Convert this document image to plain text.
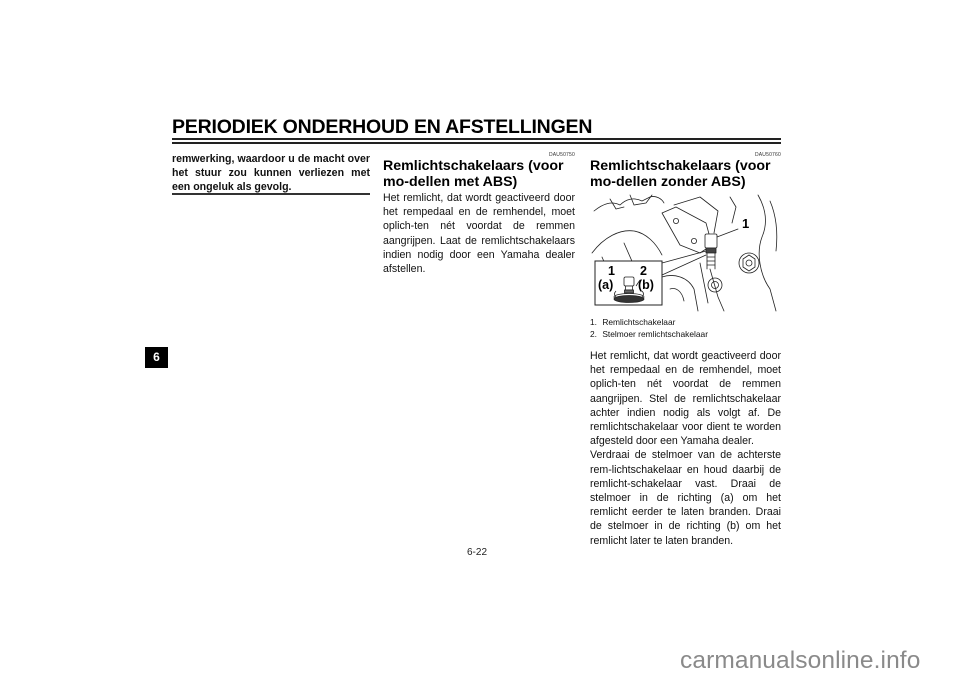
PERIODIEK ONDERHOUD EN AFSTELLINGEN
6
remwerking, waardoor u de macht over het stuur zou kunnen verliezen met een ongeluk als gevolg.
DAU50750
Remlichtschakelaars (voor mo-dellen met ABS)
Het remlicht, dat wordt geactiveerd door het rempedaal en de remhendel, moet oplich-ten nét voordat de remmen aangrijpen. Laat de remlichtschakelaars indien nodig door een Yamaha dealer afstellen.
DAU50760
Remlichtschakelaars (voor mo-dellen zonder ABS)
1
1 2
(a) (b)
1. Remlichtschakelaar
2. Stelmoer remlichtschakelaar
Het remlicht, dat wordt geactiveerd door het rempedaal en de remhendel, moet oplich-ten nét voordat de remmen aangrijpen. Stel de remlichtschakelaar achter indien nodig als volgt af. De remlichtschakelaar voor dient te worden afgesteld door een Yamaha dealer.
Verdraai de stelmoer van de achterste rem-lichtschakelaar en houd daarbij de remlicht-schakelaar vast. Draai de stelmoer in de richting (a) om het remlicht eerder te laten branden. Draai de stelmoer in de richting (b) om het remlicht later te laten branden.
6-22
carmanualsonline.info
